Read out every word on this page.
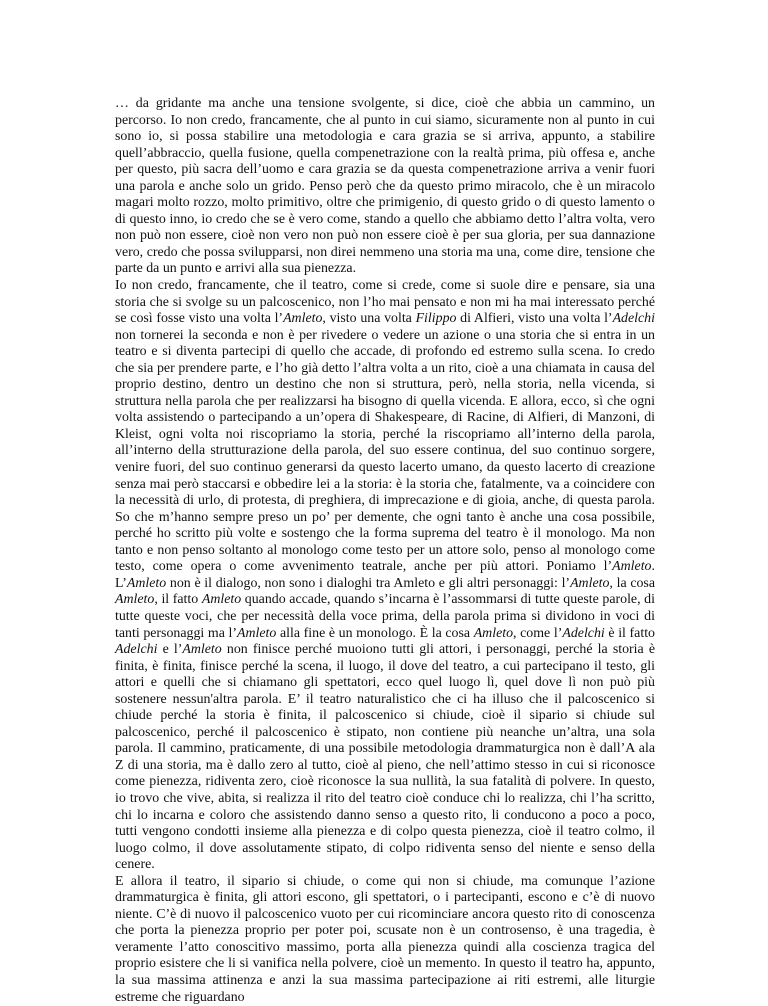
… da gridante ma anche una tensione svolgente, si dice, cioè che abbia un cammino, un percorso. Io non credo, francamente, che al punto in cui siamo, sicuramente non al punto in cui sono io, si possa stabilire una metodologia e cara grazia se si arriva, appunto, a stabilire quell’abbraccio, quella fusione, quella compenetrazione con la realtà prima, più offesa e, anche per questo, più sacra dell’uomo e cara grazia se da questa compenetrazione arriva a venir fuori una parola e anche solo un grido. Penso però che da questo primo miracolo, che è un miracolo magari molto rozzo, molto primitivo, oltre che primigenio, di questo grido o di questo lamento o di questo inno, io credo che se è vero come, stando a quello che abbiamo detto l’altra volta, vero non può non essere, cioè non vero non può non essere cioè è per sua gloria, per sua dannazione vero, credo che possa svilupparsi, non direi nemmeno una storia ma una, come dire, tensione che parte da un punto e arrivi alla sua pienezza.

Io non credo, francamente, che il teatro, come si crede, come si suole dire e pensare, sia una storia che si svolge su un palcoscenico, non l’ho mai pensato e non mi ha mai interessato perché se così fosse visto una volta l’Amleto, visto una volta Filippo di Alfieri, visto una volta l’Adelchi non tornerei la seconda e non è per rivedere o vedere un azione o una storia che si entra in un teatro e si diventa partecipi di quello che accade, di profondo ed estremo sulla scena. Io credo che sia per prendere parte, e l’ho già detto l’altra volta a un rito, cioè a una chiamata in causa del proprio destino, dentro un destino che non si struttura, però, nella storia, nella vicenda, si struttura nella parola che per realizzarsi ha bisogno di quella vicenda. E allora, ecco, sì che ogni volta assistendo o partecipando a un’opera di Shakespeare, di Racine, di Alfieri, di Manzoni, di Kleist, ogni volta noi riscopriamo la storia, perché la riscopriamo all’interno della parola, all’interno della strutturazione della parola, del suo essere continua, del suo continuo sorgere, venire fuori, del suo continuo generarsi da questo lacerto umano, da questo lacerto di creazione senza mai però staccarsi e obbedire lei a la storia: è la storia che, fatalmente, va a coincidere con la necessità di urlo, di protesta, di preghiera, di imprecazione e di gioia, anche, di questa parola. So che m’hanno sempre preso un po’ per demente, che ogni tanto è anche una cosa possibile, perché ho scritto più volte e sostengo che la forma suprema del teatro è il monologo. Ma non tanto e non penso soltanto al monologo come testo per un attore solo, penso al monologo come testo, come opera o come avvenimento teatrale, anche per più attori. Poniamo l’Amleto. L’Amleto non è il dialogo, non sono i dialoghi tra Amleto e gli altri personaggi: l’Amleto, la cosa Amleto, il fatto Amleto quando accade, quando s’incarna è l’assommarsi di tutte queste parole, di tutte queste voci, che per necessità della voce prima, della parola prima si dividono in voci di tanti personaggi ma l’Amleto alla fine è un monologo. È la cosa Amleto, come l’Adelchi è il fatto Adelchi e l’Amleto non finisce perché muoiono tutti gli attori, i personaggi, perché la storia è finita, è finita, finisce perché la scena, il luogo, il dove del teatro, a cui partecipano il testo, gli attori e quelli che si chiamano gli spettatori, ecco quel luogo lì, quel dove lì non può più sostenere nessun'altra parola. E’ il teatro naturalistico che ci ha illuso che il palcoscenico si chiude perché la storia è finita, il palcoscenico si chiude, cioè il sipario si chiude sul palcoscenico, perché il palcoscenico è stipato, non contiene più neanche un’altra, una sola parola. Il cammino, praticamente, di una possibile metodologia drammaturgica non è dall’A ala Z di una storia, ma è dallo zero al tutto, cioè al pieno, che nell’attimo stesso in cui si riconosce come pienezza, ridiventa zero, cioè riconosce la sua nullità, la sua fatalità di polvere. In questo, io trovo che vive, abita, si realizza il rito del teatro cioè conduce chi lo realizza, chi l’ha scritto, chi lo incarna e coloro che assistendo danno senso a questo rito, li conducono a poco a poco, tutti vengono condotti insieme alla pienezza e di colpo questa pienezza, cioè il teatro colmo, il luogo colmo, il dove assolutamente stipato, di colpo ridiventa senso del niente e senso della cenere.

E allora il teatro, il sipario si chiude, o come qui non si chiude, ma comunque l’azione drammaturgica è finita, gli attori escono, gli spettatori, o i partecipanti, escono e c’è di nuovo niente. C’è di nuovo il palcoscenico vuoto per cui ricominciare ancora questo rito di conoscenza che porta la pienezza proprio per poter poi, scusate non è un controsenso, è una tragedia, è veramente l’atto conoscitivo massimo, porta alla pienezza quindi alla coscienza tragica del proprio esistere che li si vanifica nella polvere, cioè un memento. In questo il teatro ha, appunto, la sua massima attinenza e anzi la sua massima partecipazione ai riti estremi, alle liturgie estreme che riguardano
